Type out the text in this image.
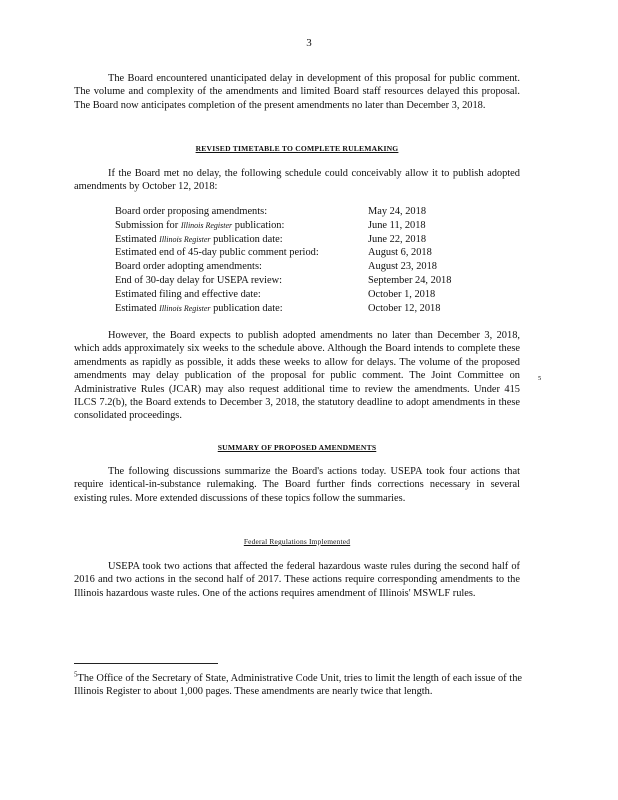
3
The Board encountered unanticipated delay in development of this proposal for public comment. The volume and complexity of the amendments and limited Board staff resources delayed this proposal. The Board now anticipates completion of the present amendments no later than December 3, 2018.
REVISED TIMETABLE TO COMPLETE RULEMAKING
If the Board met no delay, the following schedule could conceivably allow it to publish adopted amendments by October 12, 2018:
Board order proposing amendments:	May 24, 2018
Submission for Illinois Register publication:	June 11, 2018
Estimated Illinois Register publication date:	June 22, 2018
Estimated end of 45-day public comment period:	August 6, 2018
Board order adopting amendments:	August 23, 2018
End of 30-day delay for USEPA review:	September 24, 2018
Estimated filing and effective date:	October 1, 2018
Estimated Illinois Register publication date:	October 12, 2018
However, the Board expects to publish adopted amendments no later than December 3, 2018, which adds approximately six weeks to the schedule above. Although the Board intends to complete these amendments as rapidly as possible, it adds these weeks to allow for delays. The volume of the proposed amendments may delay publication of the proposal for public comment. The Joint Committee on Administrative Rules (JCAR) may also request additional time to review the amendments. Under 415 ILCS 7.2(b), the Board extends to December 3, 2018, the statutory deadline to adopt amendments in these consolidated proceedings.
5
SUMMARY OF PROPOSED AMENDMENTS
The following discussions summarize the Board's actions today. USEPA took four actions that require identical-in-substance rulemaking. The Board further finds corrections necessary in several existing rules. More extended discussions of these topics follow the summaries.
Federal Regulations Implemented
USEPA took two actions that affected the federal hazardous waste rules during the second half of 2016 and two actions in the second half of 2017. These actions require corresponding amendments to the Illinois hazardous waste rules. One of the actions requires amendment of Illinois' MSWLF rules.
$^5$The Office of the Secretary of State, Administrative Code Unit, tries to limit the length of each issue of the Illinois Register to about 1,000 pages. These amendments are nearly twice that length.
